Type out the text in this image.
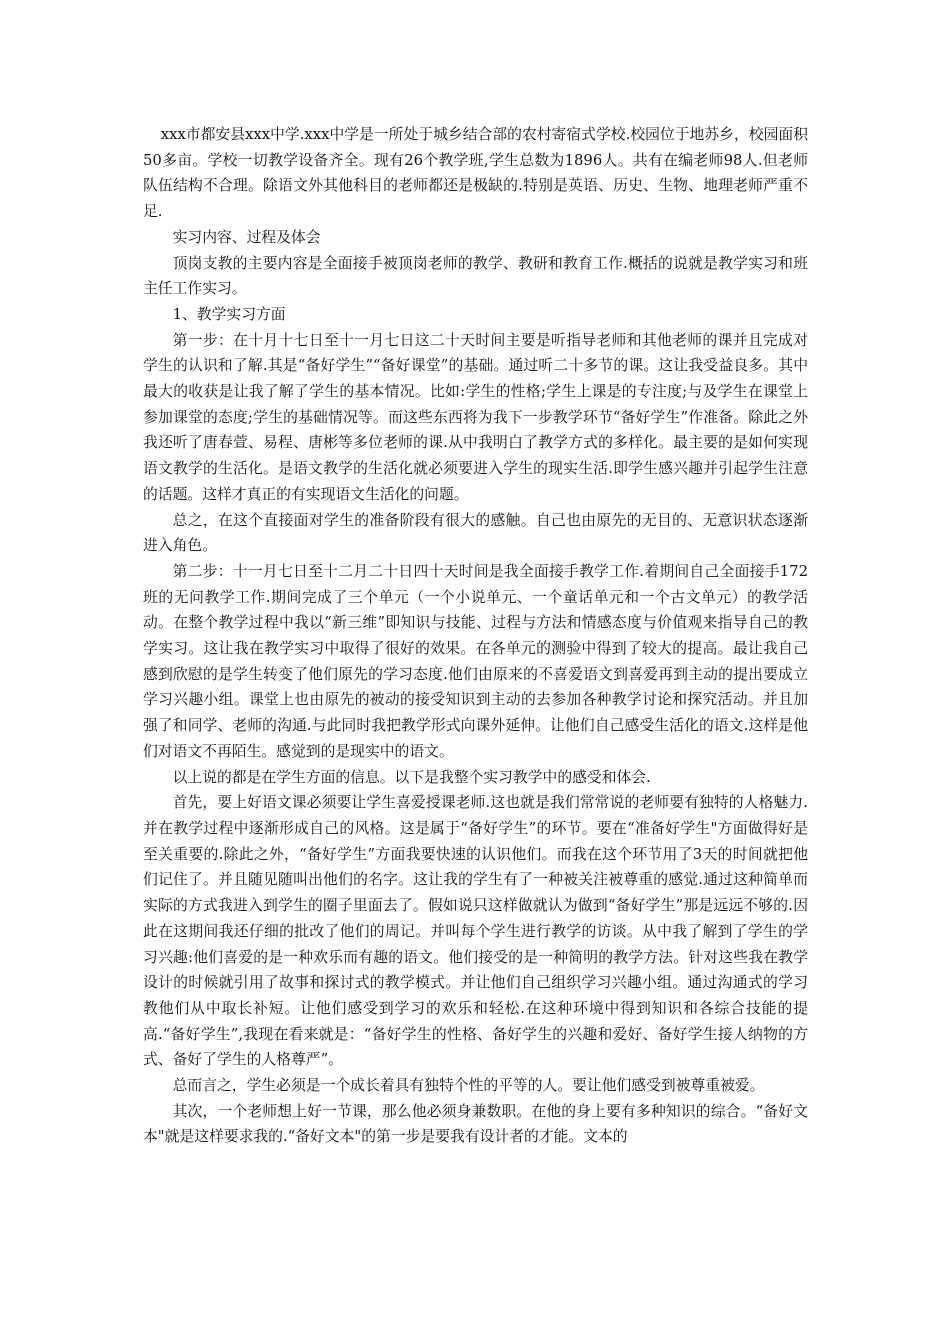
xxx市都安县xxx中学.xxx中学是一所处于城乡结合部的农村寄宿式学校.校园位于地苏乡，校园面积50多亩。学校一切教学设备齐全。现有26个教学班,学生总数为1896人。共有在编老师98人.但老师队伍结构不合理。除语文外其他科目的老师都还是极缺的.特别是英语、历史、生物、地理老师严重不足.

实习内容、过程及体会

顶岗支教的主要内容是全面接手被顶岗老师的教学、教研和教育工作.概括的说就是教学实习和班主任工作实习。

1、教学实习方面

第一步：在十月十七日至十一月七日这二十天时间主要是听指导老师和其他老师的课并且完成对学生的认识和了解.其是“备好学生”“备好课堂”的基础。通过听二十多节的课。这让我受益良多。其中最大的收获是让我了解了学生的基本情况。比如:学生的性格;学生上课是的专注度;与及学生在课堂上参加课堂的态度;学生的基础情况等。而这些东西将为我下一步教学环节“备好学生”作准备。除此之外我还听了唐春萱、易程、唐彬等多位老师的课.从中我明白了教学方式的多样化。最主要的是如何实现语文教学的生活化。是语文教学的生活化就必须要进入学生的现实生活.即学生感兴趣并引起学生注意的话题。这样才真正的有实现语文生活化的问题。

总之，在这个直接面对学生的准备阶段有很大的感触。自己也由原先的无目的、无意识状态逐渐进入角色。

第二步：十一月七日至十二月二十日四十天时间是我全面接手教学工作.着期间自己全面接手172班的无问教学工作.期间完成了三个单元（一个小说单元、一个童话单元和一个古文单元）的教学活动。在整个教学过程中我以“新三维”即知识与技能、过程与方法和情感态度与价值观来指导自己的教学实习。这让我在教学实习中取得了很好的效果。在各单元的测验中得到了较大的提高。最让我自己感到欣慰的是学生转变了他们原先的学习态度.他们由原来的不喜爱语文到喜爱再到主动的提出要成立学习兴趣小组。课堂上也由原先的被动的接受知识到主动的去参加各种教学讨论和探究活动。并且加强了和同学、老师的沟通.与此同时我把教学形式向课外延伸。让他们自己感受生活化的语文.这样是他们对语文不再陌生。感觉到的是现实中的语文。

以上说的都是在学生方面的信息。以下是我整个实习教学中的感受和体会.

首先，要上好语文课必须要让学生喜爱授课老师.这也就是我们常常说的老师要有独特的人格魅力.并在教学过程中逐渐形成自己的风格。这是属于“备好学生”的环节。要在“准备好学生"方面做得好是至关重要的.除此之外，“备好学生”方面我要快速的认识他们。而我在这个环节用了3天的时间就把他们记住了。并且随见随叫出他们的名字。这让我的学生有了一种被关注被尊重的感觉.通过这种简单而实际的方式我进入到学生的圈子里面去了。假如说只这样做就认为做到“备好学生”那是远远不够的.因此在这期间我还仔细的批改了他们的周记。并叫每个学生进行教学的访谈。从中我了解到了学生的学习兴趣:他们喜爱的是一种欢乐而有趣的语文。他们接受的是一种简明的教学方法。针对这些我在教学设计的时候就引用了故事和探讨式的教学模式。并让他们自己组织学习兴趣小组。通过沟通式的学习教他们从中取长补短。让他们感受到学习的欢乐和轻松.在这种环境中得到知识和各综合技能的提高.“备好学生”,我现在看来就是：“备好学生的性格、备好学生的兴趣和爱好、备好学生接人纳物的方式、备好了学生的人格尊严”。

总而言之，学生必须是一个成长着具有独特个性的平等的人。要让他们感受到被尊重被爱。

其次，一个老师想上好一节课，那么他必须身兼数职。在他的身上要有多种知识的综合。“备好文本"就是这样要求我的.“备好文本"的第一步是要我有设计者的才能。文本的
